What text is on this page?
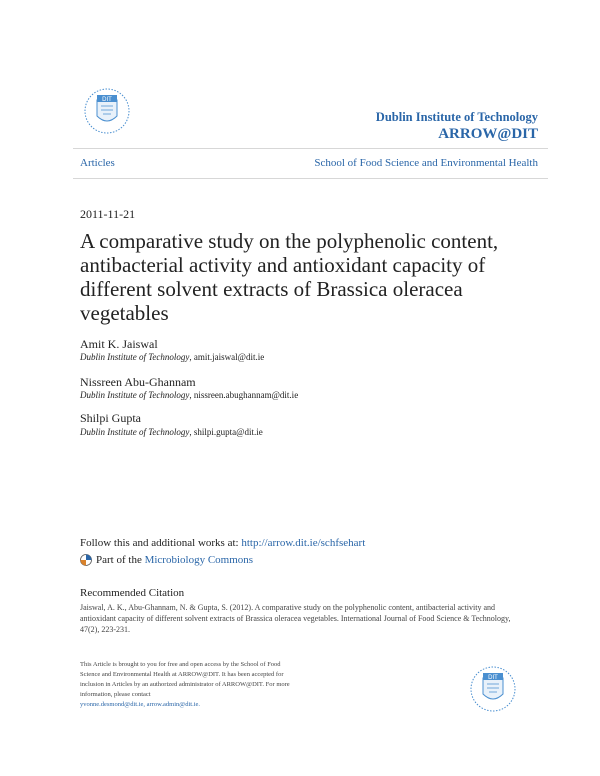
DIT
Dublin Institute of Technology
ARROW@DIT
Articles	School of Food Science and Environmental Health
2011-11-21
A comparative study on the polyphenolic content, antibacterial activity and antioxidant capacity of different solvent extracts of Brassica oleracea vegetables
Amit K. Jaiswal
Dublin Institute of Technology, amit.jaiswal@dit.ie
Nissreen Abu-Ghannam
Dublin Institute of Technology, nissreen.abughannam@dit.ie
Shilpi Gupta
Dublin Institute of Technology, shilpi.gupta@dit.ie
Follow this and additional works at: http://arrow.dit.ie/schfsehart
Part of the
Microbiology Commons
Recommended Citation
Jaiswal, A. K., Abu-Ghannam, N. & Gupta, S. (2012). A comparative study on the polyphenolic content, antibacterial activity and antioxidant capacity of different solvent extracts of Brassica oleracea vegetables. International Journal of Food Science & Technology, 47(2), 223-231.
This Article is brought to you for free and open access by the School of Food Science and Environmental Health at ARROW@DIT. It has been accepted for inclusion in Articles by an authorized administrator of ARROW@DIT. For more information, please contact
yvonne.desmond@dit.ie, arrow.admin@dit.ie.
DIT
